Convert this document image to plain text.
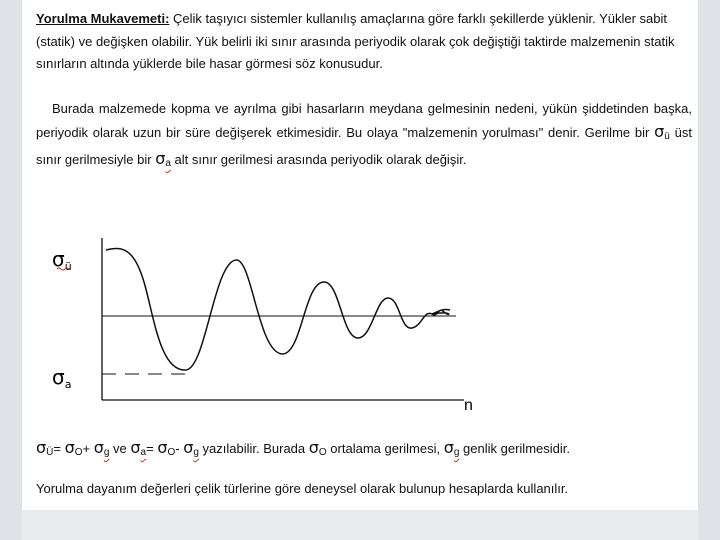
Yorulma Mukavemeti: Çelik taşıyıcı sistemler kullanılış amaçlarına göre farklı şekillerde yüklenir. Yükler sabit (statik) ve değişken olabilir. Yük belirli iki sınır arasında periyodik olarak çok değiştiği taktirde malzemenin statik sınırların altında yüklerde bile hasar görmesi söz konusudur.
Burada malzemede kopma ve ayrılma gibi hasarların meydana gelmesinin nedeni, yükün şiddetinden başka, periyodik olarak uzun bir süre değişerek etkimesidir. Bu olaya "malzemenin yorulması" denir. Gerilme bir $\sigma_ü$ üst sınır gerilmesiyle bir $\sigma_a$ alt sınır gerilmesi arasında periyodik olarak değişir.
$\sigma_ü$
$\sigma_a$
n
$\sigma_Ü= \sigma_O+ \sigma_g$ ve $\sigma_a= \sigma_O-$ $\sigma_g$ yazılabilir. Burada $\sigma_O$ ortalama gerilmesi, $\sigma_g$ genlik gerilmesidir.
Yorulma dayanım değerleri çelik türlerine göre deneysel olarak bulunup hesaplarda kullanılır.
